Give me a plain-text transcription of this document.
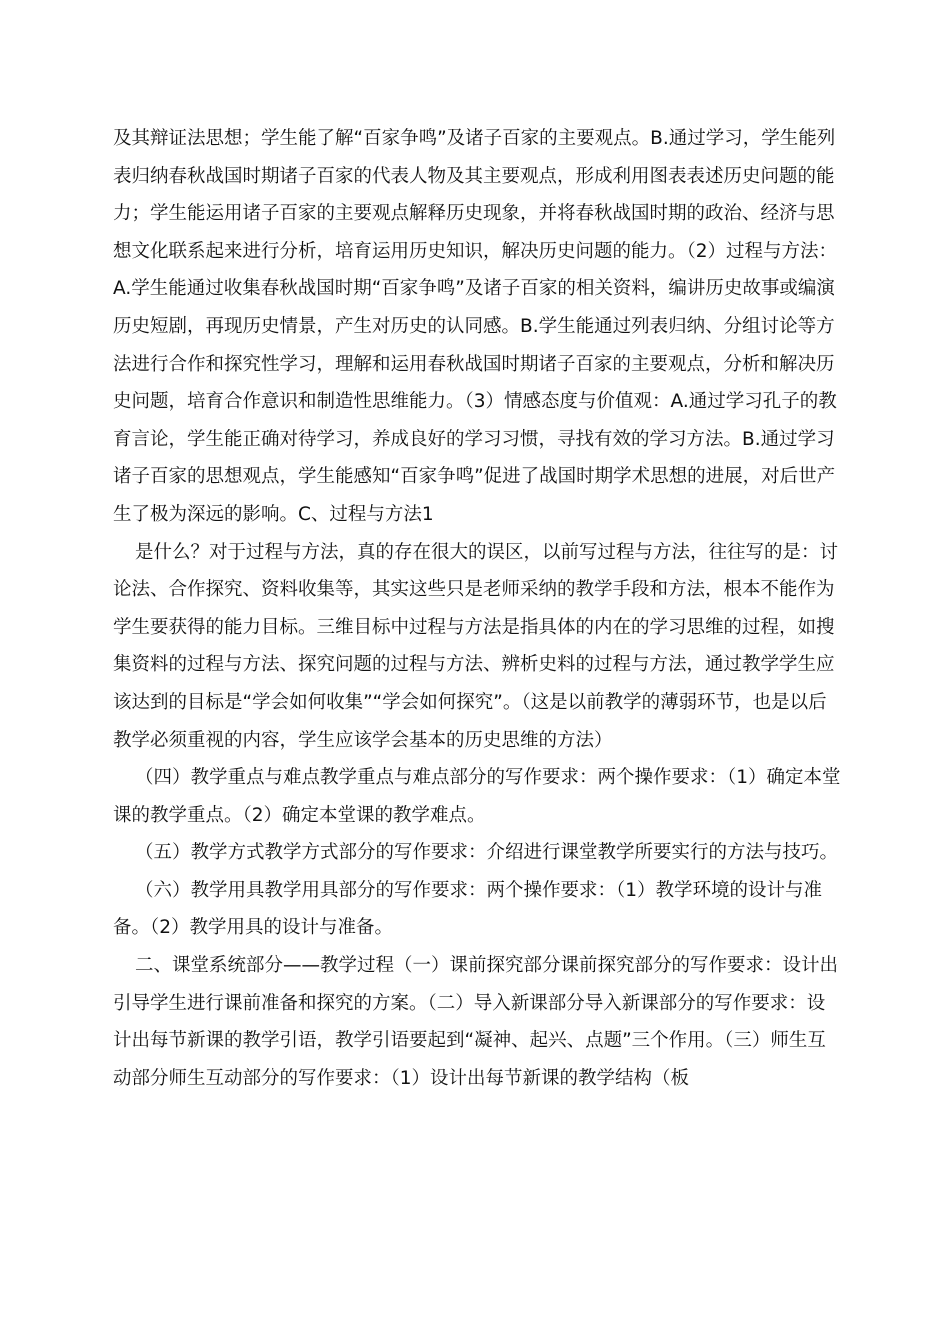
及其辩证法思想；学生能了解“百家争鸣”及诸子百家的主要观点。B.通过学习，学生能列表归纳春秋战国时期诸子百家的代表人物及其主要观点，形成利用图表表述历史问题的能力；学生能运用诸子百家的主要观点解释历史现象，并将春秋战国时期的政治、经济与思想文化联系起来进行分析，培育运用历史知识，解决历史问题的能力。（2）过程与方法：A.学生能通过收集春秋战国时期“百家争鸣”及诸子百家的相关资料，编讲历史故事或编演历史短剧，再现历史情景，产生对历史的认同感。B.学生能通过列表归纳、分组讨论等方法进行合作和探究性学习，理解和运用春秋战国时期诸子百家的主要观点，分析和解决历史问题，培育合作意识和制造性思维能力。（3）情感态度与价值观：A.通过学习孔子的教育言论，学生能正确对待学习，养成良好的学习习惯，寻找有效的学习方法。B.通过学习诸子百家的思想观点，学生能感知“百家争鸣”促进了战国时期学术思想的进展，对后世产生了极为深远的影响。C、过程与方法1

是什么？对于过程与方法，真的存在很大的误区，以前写过程与方法，往往写的是：讨论法、合作探究、资料收集等，其实这些只是老师采纳的教学手段和方法，根本不能作为学生要获得的能力目标。三维目标中过程与方法是指具体的内在的学习思维的过程，如搜集资料的过程与方法、探究问题的过程与方法、辨析史料的过程与方法，通过教学学生应该达到的目标是“学会如何收集”“学会如何探究”。（这是以前教学的薄弱环节，也是以后教学必须重视的内容，学生应该学会基本的历史思维的方法）

（四）教学重点与难点教学重点与难点部分的写作要求：两个操作要求：（1）确定本堂课的教学重点。（2）确定本堂课的教学难点。

（五）教学方式教学方式部分的写作要求：介绍进行课堂教学所要实行的方法与技巧。

（六）教学用具教学用具部分的写作要求：两个操作要求：（1）教学环境的设计与准备。（2）教学用具的设计与准备。

二、课堂系统部分——教学过程（一）课前探究部分课前探究部分的写作要求：设计出引导学生进行课前准备和探究的方案。（二）导入新课部分导入新课部分的写作要求：设计出每节新课的教学引语，教学引语要起到“凝神、起兴、点题”三个作用。（三）师生互动部分师生互动部分的写作要求：（1）设计出每节新课的教学结构（板
